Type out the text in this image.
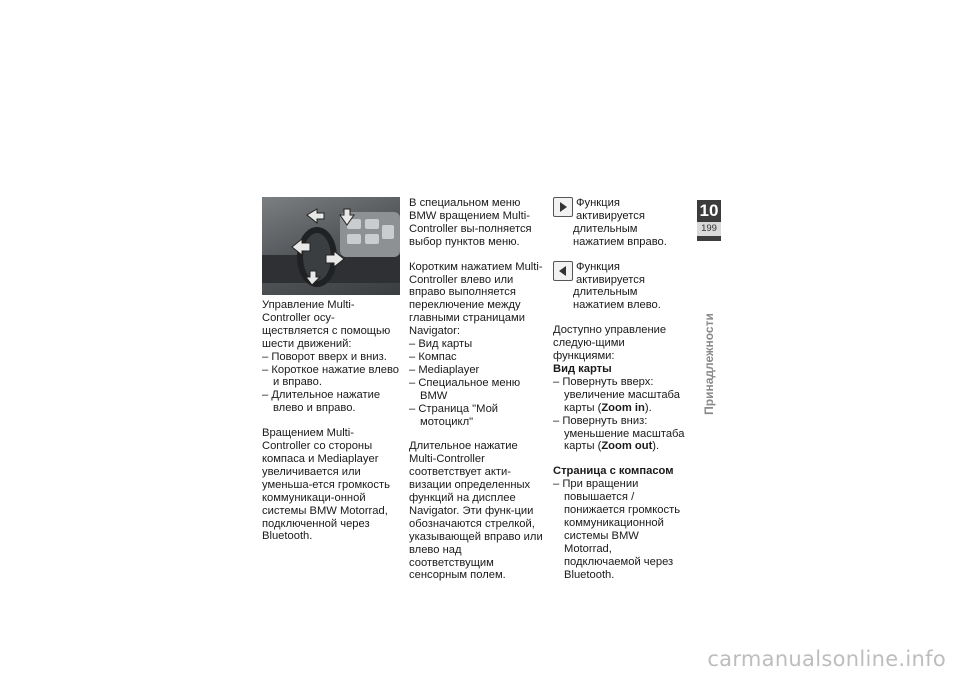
Управление Multi-Controller осу-ществляется с помощью шести движений:

– Поворот вверх и вниз.

– Короткое нажатие влево и вправо.

– Длительное нажатие влево и вправо.

Вращением Multi-Controller со стороны компаса и Mediaplayer увеличивается или уменьша-ется громкость коммуникаци-онной системы BMW Motorrad, подключенной через Bluetooth.

В специальном меню BMW вращением Multi-Controller вы-полняется выбор пунктов меню.

Коротким нажатием Multi-Controller влево или вправо выполняется переключение между главными страницами Navigator:

– Вид карты

– Компас

– Mediaplayer

– Специальное меню BMW

– Страница "Мой мотоцикл"

Длительное нажатие Multi-Controller соответствует акти-визации определенных функций на дисплее Navigator. Эти функ-ции обозначаются стрелкой, указывающей вправо или влево над соответствущим сенсорным полем.

Функция активируется длительным нажатием вправо.

Функция активируется длительным нажатием влево.

Доступно управление следую-щими функциями:

Вид карты

– Повернуть вверх: увеличение масштаба карты (Zoom in).

– Повернуть вниз: уменьшение масштаба карты (Zoom out).

Страница с компасом

– При вращении повышается / понижается громкость коммуникационной системы BMW Motorrad, подключаемой через Bluetooth.

10
199
Принадлежности
carmanualsonline.info
